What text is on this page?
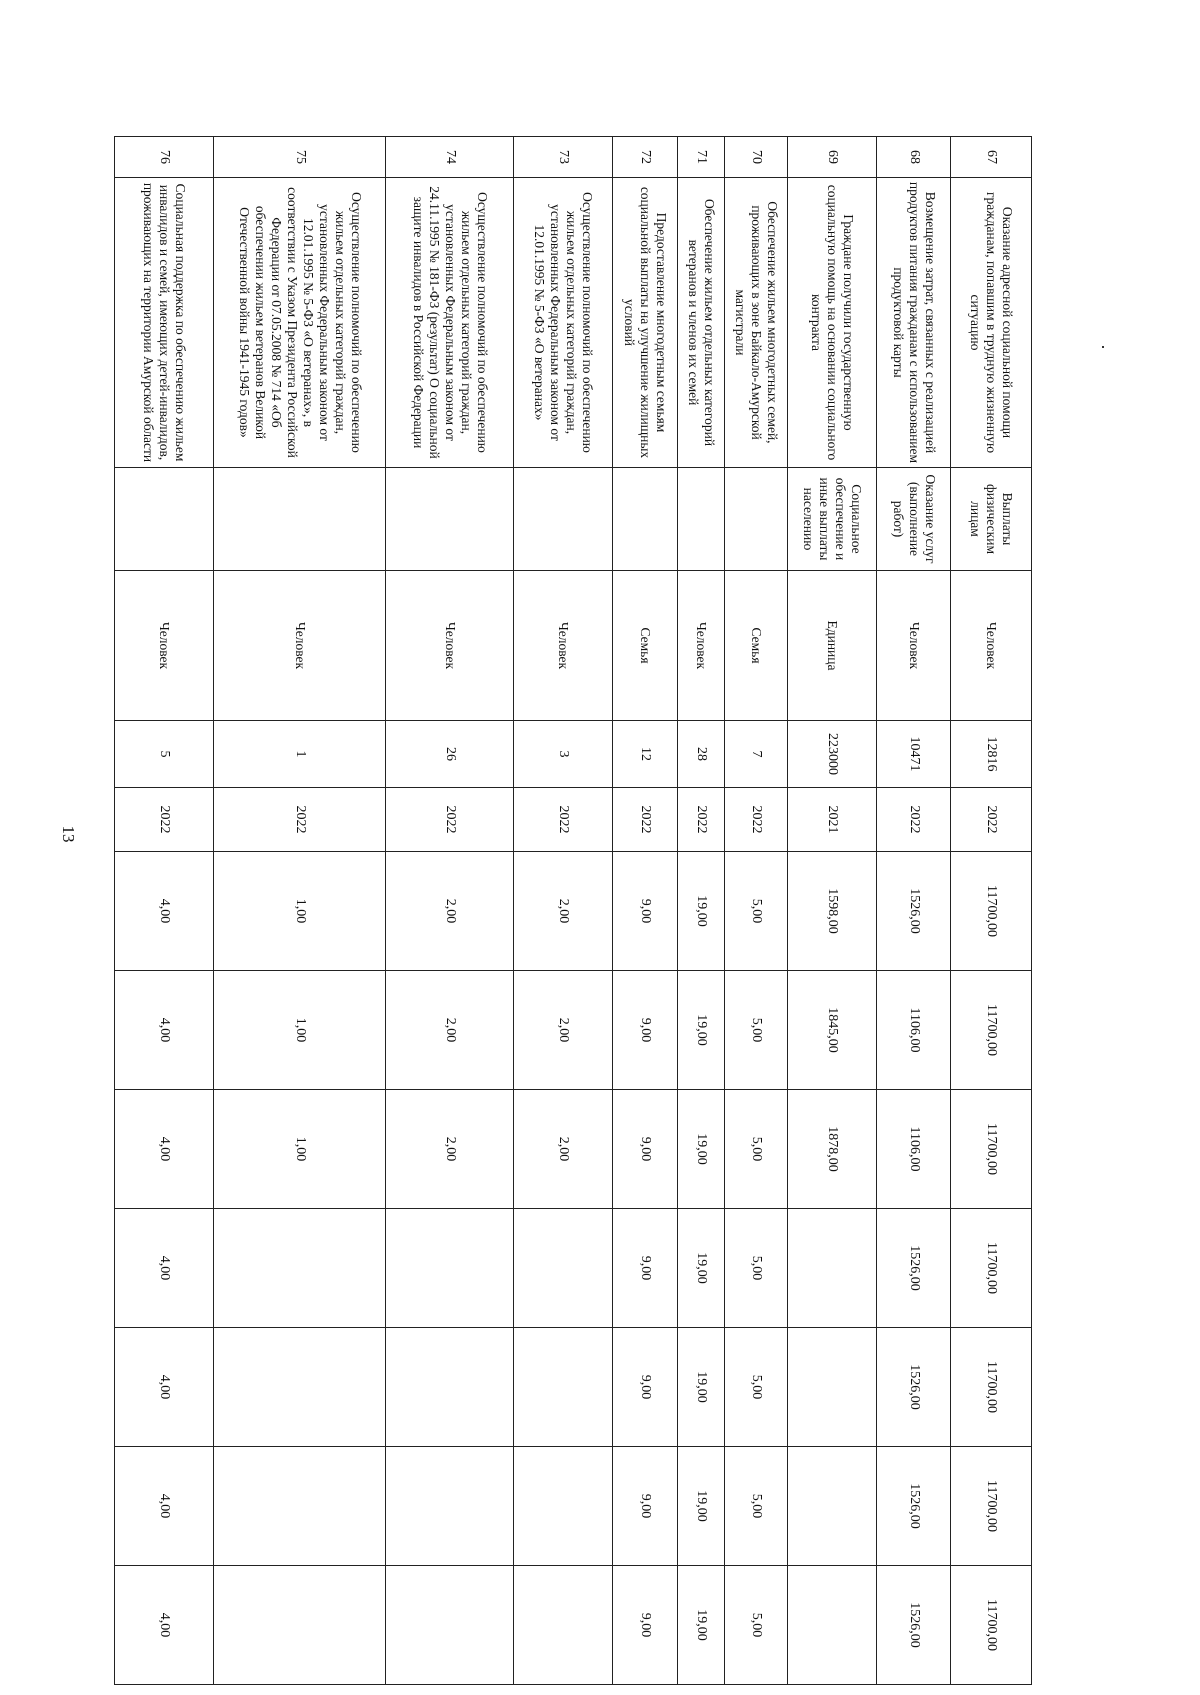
13
67	Оказание адресной социальной помощи гражданам, попавшим в трудную жизненную ситуацию	Выплаты физическим лицам	Человек	12816	2022	11700,00	11700,00	11700,00	11700,00	11700,00	11700,00	11700,00
68	Возмещение затрат, связанных с реализацией продуктов питания гражданам с использованием продуктовой карты	Оказание услуг (выполнение работ)	Человек	10471	2022	1526,00	1106,00	1106,00	1526,00	1526,00	1526,00	1526,00
69	Граждане получили государственную социальную помощь на основании социального контракта	Социальное обеспечение и иные выплаты населению	Единица	223000	2021	1598,00	1845,00	1878,00				
70	Обеспечение жильем многодетных семей, проживающих в зоне Байкало-Амурской магистрали		Семья	7	2022	5,00	5,00	5,00	5,00	5,00	5,00	5,00
71	Обеспечение жильем отдельных категорий ветеранов и членов их семей		Человек	28	2022	19,00	19,00	19,00	19,00	19,00	19,00	19,00
72	Предоставление многодетным семьям социальной выплаты на улучшение жилищных условий		Семья	12	2022	9,00	9,00	9,00	9,00	9,00	9,00	9,00
73	Осуществление полномочий по обеспечению жильем отдельных категорий граждан, установленных Федеральным законом от 12.01.1995 № 5-ФЗ «О ветеранах»		Человек	3	2022	2,00	2,00	2,00				
74	Осуществление полномочий по обеспечению жильем отдельных категорий граждан, установленных Федеральным законом от 24.11.1995 № 181-ФЗ (результат) О социальной защите инвалидов в Российской Федерации		Человек	26	2022	2,00	2,00	2,00				
75	Осуществление полномочий по обеспечению жильем отдельных категорий граждан, установленных Федеральным законом от 12.01.1995 № 5-ФЗ «О ветеранах», в соответствии с Указом Президента Российской Федерации от 07.05.2008 № 714 «Об обеспечении жильем ветеранов Великой Отечественной войны 1941-1945 годов»		Человек	1	2022	1,00	1,00	1,00				
76	Социальная поддержка по обеспечению жильем инвалидов и семей, имеющих детей-инвалидов, проживающих на территории Амурской области		Человек	5	2022	4,00	4,00	4,00	4,00	4,00	4,00	4,00
